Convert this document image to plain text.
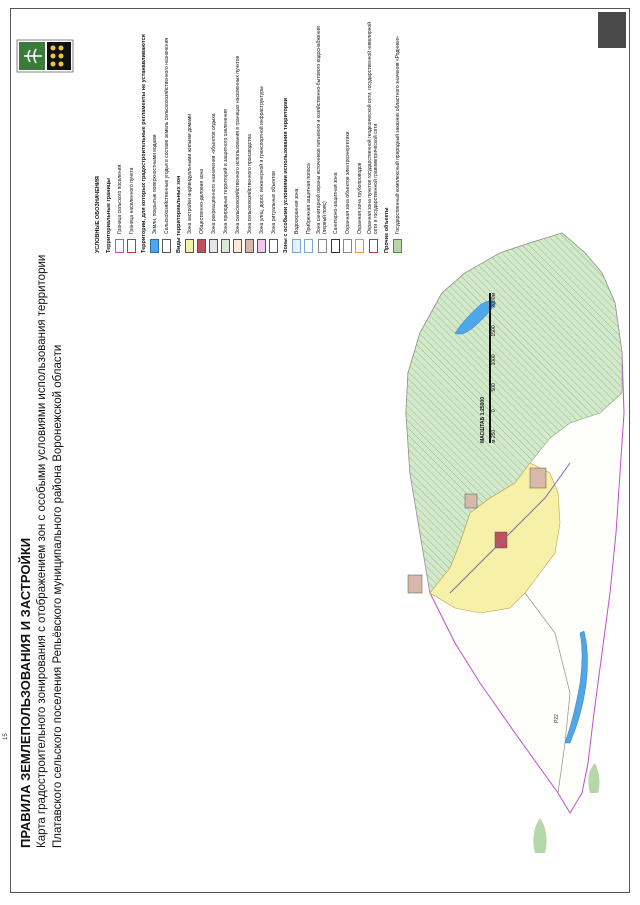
15 ПРАВИЛА ЗЕМЛЕПОЛЬЗОВАНИЯ И ЗАСТРОЙКИ Карта градостроительного зонирования с отображением зон с особыми условиями использования территории Платавского сельского поселения Репьёвского муниципального района Воронежской области	Р22
МАСШТАБ 1:25000 м 250
0
500
1000
1500
2000м
УСЛОВНЫЕ ОБОЗНАЧЕНИЯ Территориальные границы Граница сельского поселения Граница населенного пункта Территории, для которых градостроительные регламенты не устанавливаются Земли, покрытые поверхностными водами Сельскохозяйственные угодья в составе земель сельскохозяйственного назначения Виды территориальных зон Зона застройки индивидуальными жилыми домами Общественно-деловая зона Зона рекреационного назначения -объектов отдыха Зона природных территорий и защитного озеленения Зона сельскохозяйственного использования в границах населенных пунктов Зона сельскохозяйственного производства Зона улиц, дорог, инженерной и транспортной инфраструктуры Зона ритуальных объектов Зоны с особыми условиями использования территории Водоохранная зона Прибрежная защитная полоса Зона санитарной охраны источников питьевого и хозяйственно-бытового водоснабжения (первый пояс) Санитарно-защитная зона Охранная зона объектов электроэнергетики Охранная зона трубопроводов Охранная зона пунктов государственной геодезической сети, государственной нивелирной сети и государственной гравиметрической сети Прочие объекты Государственный комплексный природный заказник областного значения «Родники»
